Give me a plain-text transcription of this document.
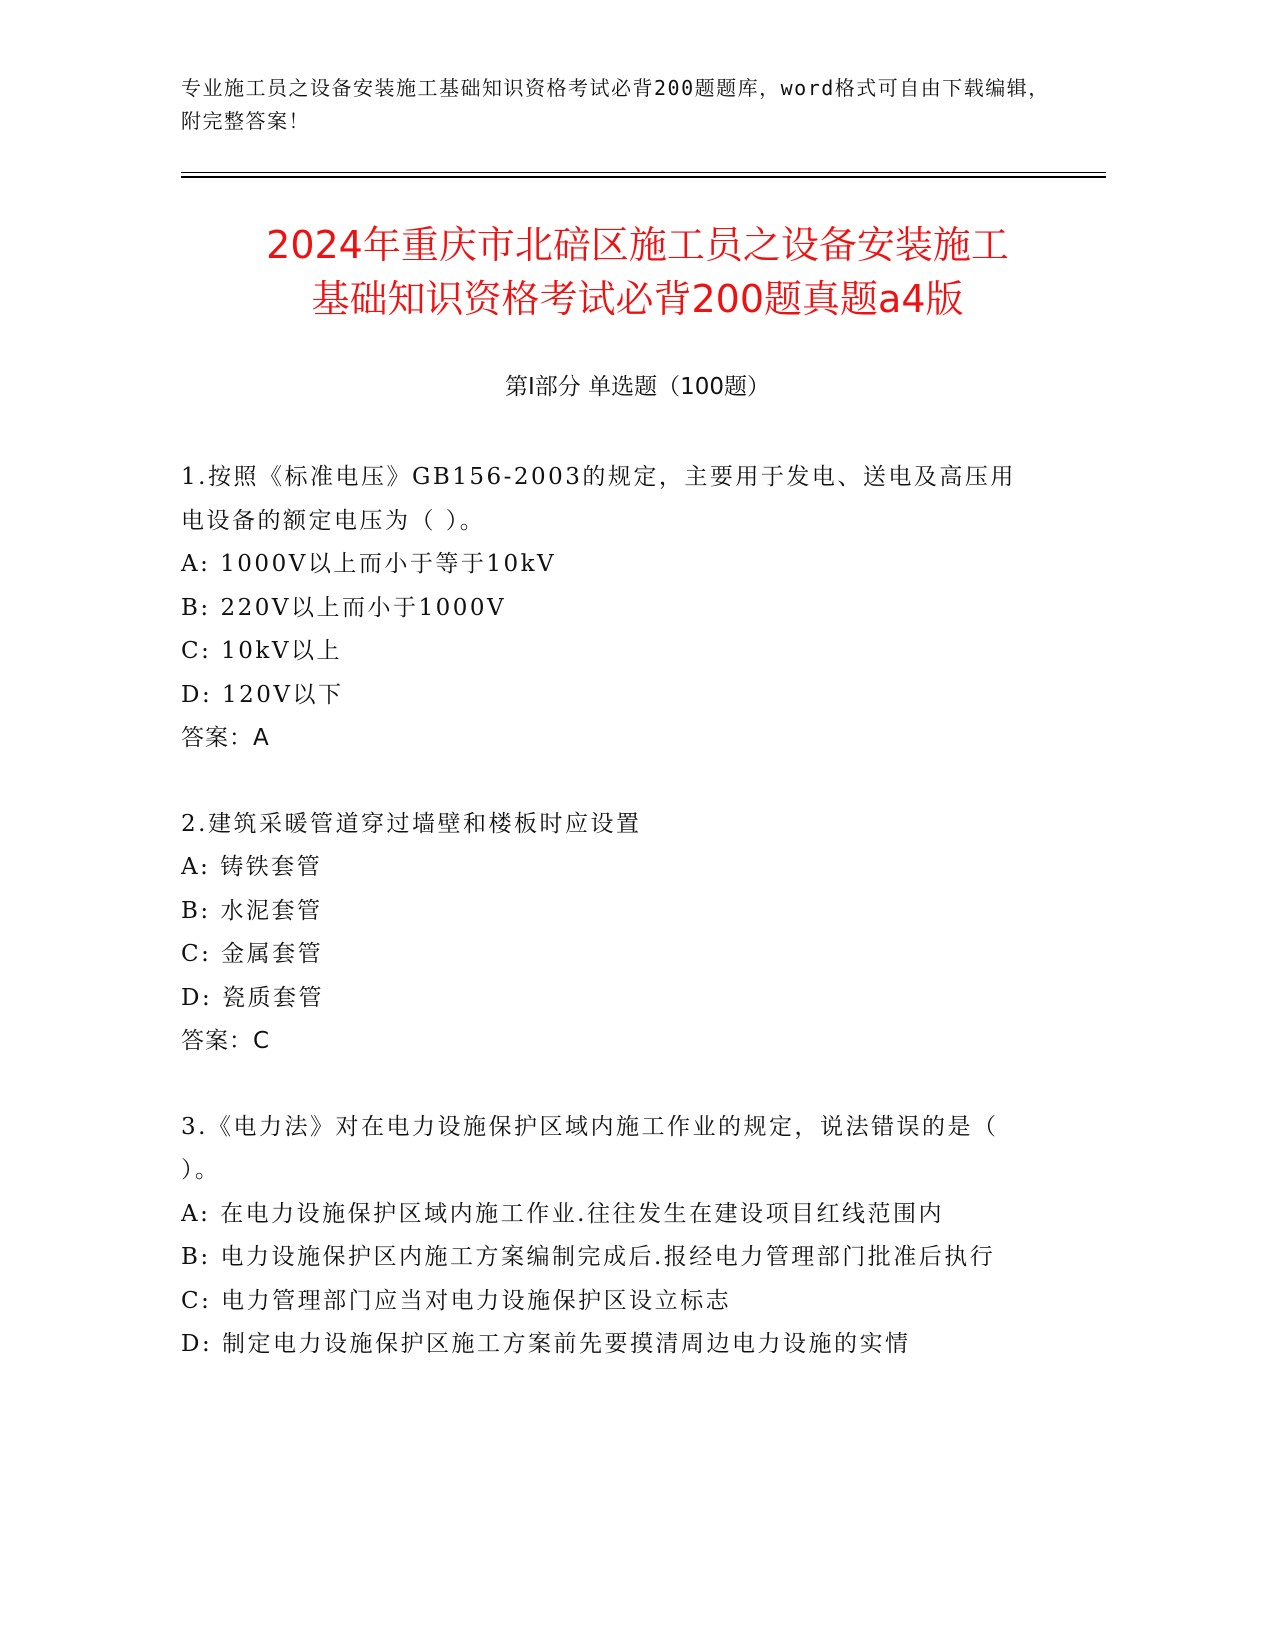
专业施工员之设备安装施工基础知识资格考试必背200题题库，word格式可自由下载编辑，附完整答案！
2024年重庆市北碚区施工员之设备安装施工
基础知识资格考试必背200题真题a4版
第I部分 单选题（100题）
1.按照《标准电压》GB156-2003的规定，主要用于发电、送电及高压用电设备的额定电压为（ ）。
A: 1000V以上而小于等于10kV
B: 220V以上而小于1000V
C: 10kV以上
D: 120V以下
答案：A
2.建筑采暖管道穿过墙壁和楼板时应设置
A: 铸铁套管
B: 水泥套管
C: 金属套管
D: 瓷质套管
答案：C
3.《电力法》对在电力设施保护区域内施工作业的规定，说法错误的是（ ）。
A: 在电力设施保护区域内施工作业.往往发生在建设项目红线范围内
B: 电力设施保护区内施工方案编制完成后.报经电力管理部门批准后执行
C: 电力管理部门应当对电力设施保护区设立标志
D: 制定电力设施保护区施工方案前先要摸清周边电力设施的实情
